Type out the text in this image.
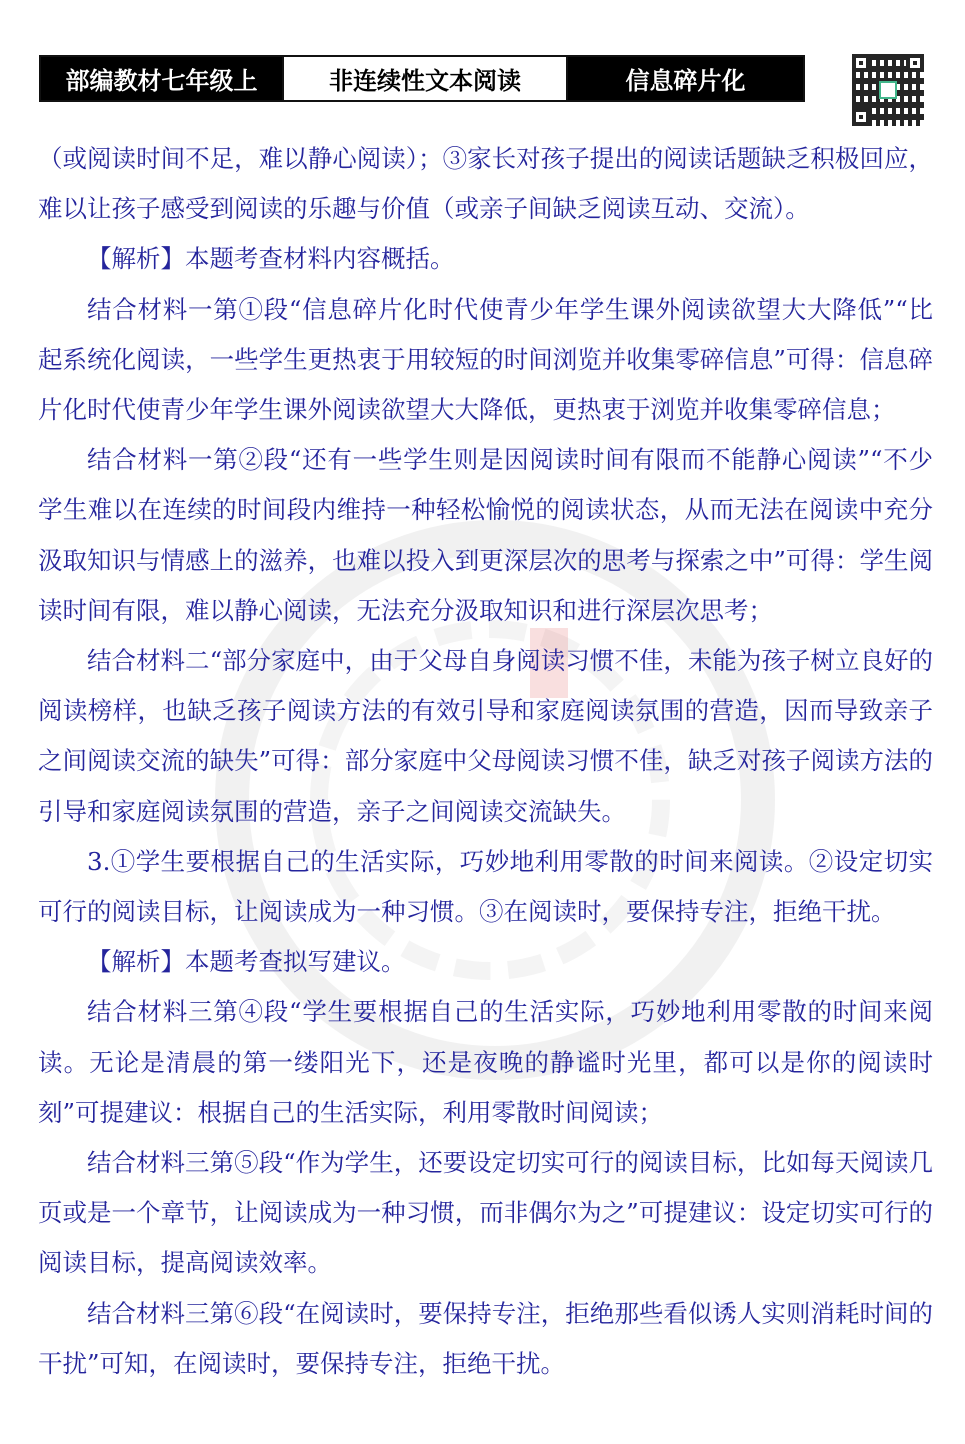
部编教材七年级上	非连续性文本阅读	信息碎片化

（或阅读时间不足，难以静心阅读）；③家长对孩子提出的阅读话题缺乏积极回应，难以让孩子感受到阅读的乐趣与价值（或亲子间缺乏阅读互动、交流）。

【解析】本题考查材料内容概括。

结合材料一第①段“信息碎片化时代使青少年学生课外阅读欲望大大降低”“比起系统化阅读，一些学生更热衷于用较短的时间浏览并收集零碎信息”可得：信息碎片化时代使青少年学生课外阅读欲望大大降低，更热衷于浏览并收集零碎信息；

结合材料一第②段“还有一些学生则是因阅读时间有限而不能静心阅读”“不少学生难以在连续的时间段内维持一种轻松愉悦的阅读状态，从而无法在阅读中充分汲取知识与情感上的滋养，也难以投入到更深层次的思考与探索之中”可得：学生阅读时间有限，难以静心阅读，无法充分汲取知识和进行深层次思考；

结合材料二“部分家庭中，由于父母自身阅读习惯不佳，未能为孩子树立良好的阅读榜样，也缺乏孩子阅读方法的有效引导和家庭阅读氛围的营造，因而导致亲子之间阅读交流的缺失”可得：部分家庭中父母阅读习惯不佳，缺乏对孩子阅读方法的引导和家庭阅读氛围的营造，亲子之间阅读交流缺失。

3.①学生要根据自己的生活实际，巧妙地利用零散的时间来阅读。②设定切实可行的阅读目标，让阅读成为一种习惯。③在阅读时，要保持专注，拒绝干扰。

【解析】本题考查拟写建议。

结合材料三第④段“学生要根据自己的生活实际，巧妙地利用零散的时间来阅读。无论是清晨的第一缕阳光下，还是夜晚的静谧时光里，都可以是你的阅读时刻”可提建议：根据自己的生活实际，利用零散时间阅读；

结合材料三第⑤段“作为学生，还要设定切实可行的阅读目标，比如每天阅读几页或是一个章节，让阅读成为一种习惯，而非偶尔为之”可提建议：设定切实可行的阅读目标，提高阅读效率。

结合材料三第⑥段“在阅读时，要保持专注，拒绝那些看似诱人实则消耗时间的干扰”可知，在阅读时，要保持专注，拒绝干扰。
